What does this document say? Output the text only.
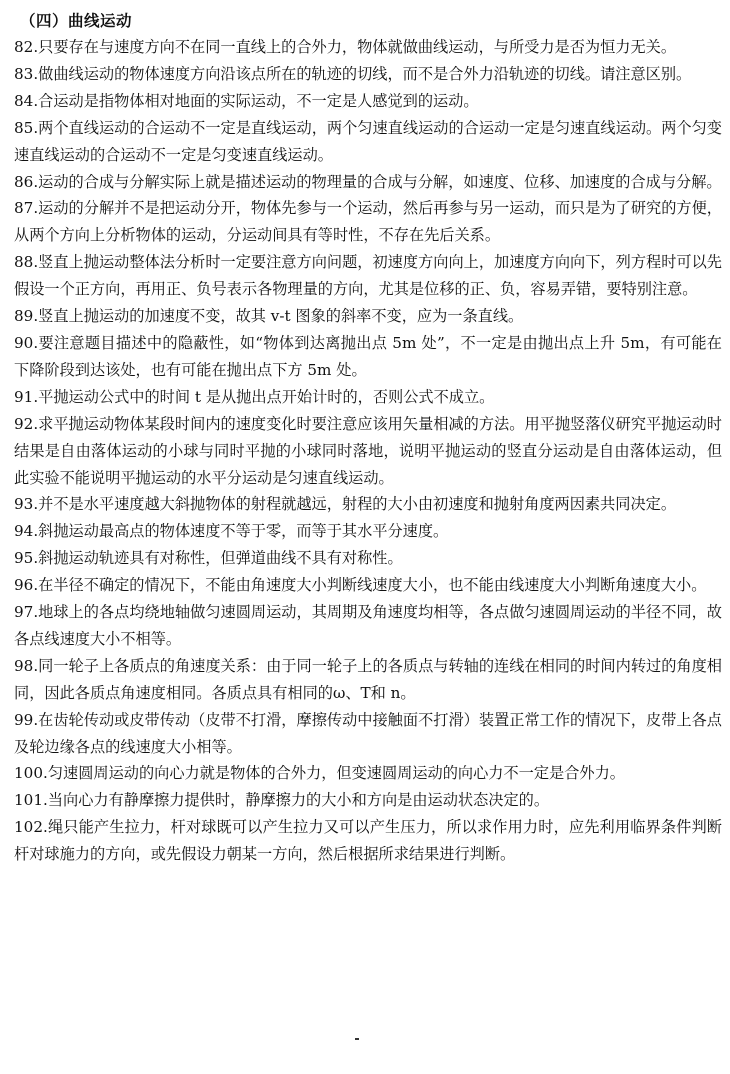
（四）曲线运动

82.只要存在与速度方向不在同一直线上的合外力，物体就做曲线运动，与所受力是否为恒力无关。

83.做曲线运动的物体速度方向沿该点所在的轨迹的切线，而不是合外力沿轨迹的切线。请注意区别。

84.合运动是指物体相对地面的实际运动，不一定是人感觉到的运动。

85.两个直线运动的合运动不一定是直线运动，两个匀速直线运动的合运动一定是匀速直线运动。两个匀变速直线运动的合运动不一定是匀变速直线运动。

86.运动的合成与分解实际上就是描述运动的物理量的合成与分解，如速度、位移、加速度的合成与分解。

87.运动的分解并不是把运动分开，物体先参与一个运动，然后再参与另一运动，而只是为了研究的方便，从两个方向上分析物体的运动，分运动间具有等时性，不存在先后关系。

88.竖直上抛运动整体法分析时一定要注意方向问题，初速度方向向上，加速度方向向下，列方程时可以先假设一个正方向，再用正、负号表示各物理量的方向，尤其是位移的正、负，容易弄错，要特别注意。

89.竖直上抛运动的加速度不变，故其 v-t 图象的斜率不变，应为一条直线。

90.要注意题目描述中的隐蔽性，如“物体到达离抛出点 5m 处”，不一定是由抛出点上升 5m，有可能在下降阶段到达该处，也有可能在抛出点下方 5m 处。

91.平抛运动公式中的时间 t 是从抛出点开始计时的，否则公式不成立。

92.求平抛运动物体某段时间内的速度变化时要注意应该用矢量相减的方法。用平抛竖落仪研究平抛运动时结果是自由落体运动的小球与同时平抛的小球同时落地，说明平抛运动的竖直分运动是自由落体运动，但此实验不能说明平抛运动的水平分运动是匀速直线运动。

93.并不是水平速度越大斜抛物体的射程就越远，射程的大小由初速度和抛射角度两因素共同决定。

94.斜抛运动最高点的物体速度不等于零，而等于其水平分速度。

95.斜抛运动轨迹具有对称性，但弹道曲线不具有对称性。

96.在半径不确定的情况下，不能由角速度大小判断线速度大小，也不能由线速度大小判断角速度大小。

97.地球上的各点均绕地轴做匀速圆周运动，其周期及角速度均相等，各点做匀速圆周运动的半径不同，故各点线速度大小不相等。

98.同一轮子上各质点的角速度关系：由于同一轮子上的各质点与转轴的连线在相同的时间内转过的角度相同，因此各质点角速度相同。各质点具有相同的ω、T和 n。

99.在齿轮传动或皮带传动（皮带不打滑，摩擦传动中接触面不打滑）装置正常工作的情况下，皮带上各点及轮边缘各点的线速度大小相等。

100.匀速圆周运动的向心力就是物体的合外力，但变速圆周运动的向心力不一定是合外力。

101.当向心力有静摩擦力提供时，静摩擦力的大小和方向是由运动状态决定的。

102.绳只能产生拉力，杆对球既可以产生拉力又可以产生压力，所以求作用力时，应先利用临界条件判断杆对球施力的方向，或先假设力朝某一方向，然后根据所求结果进行判断。
